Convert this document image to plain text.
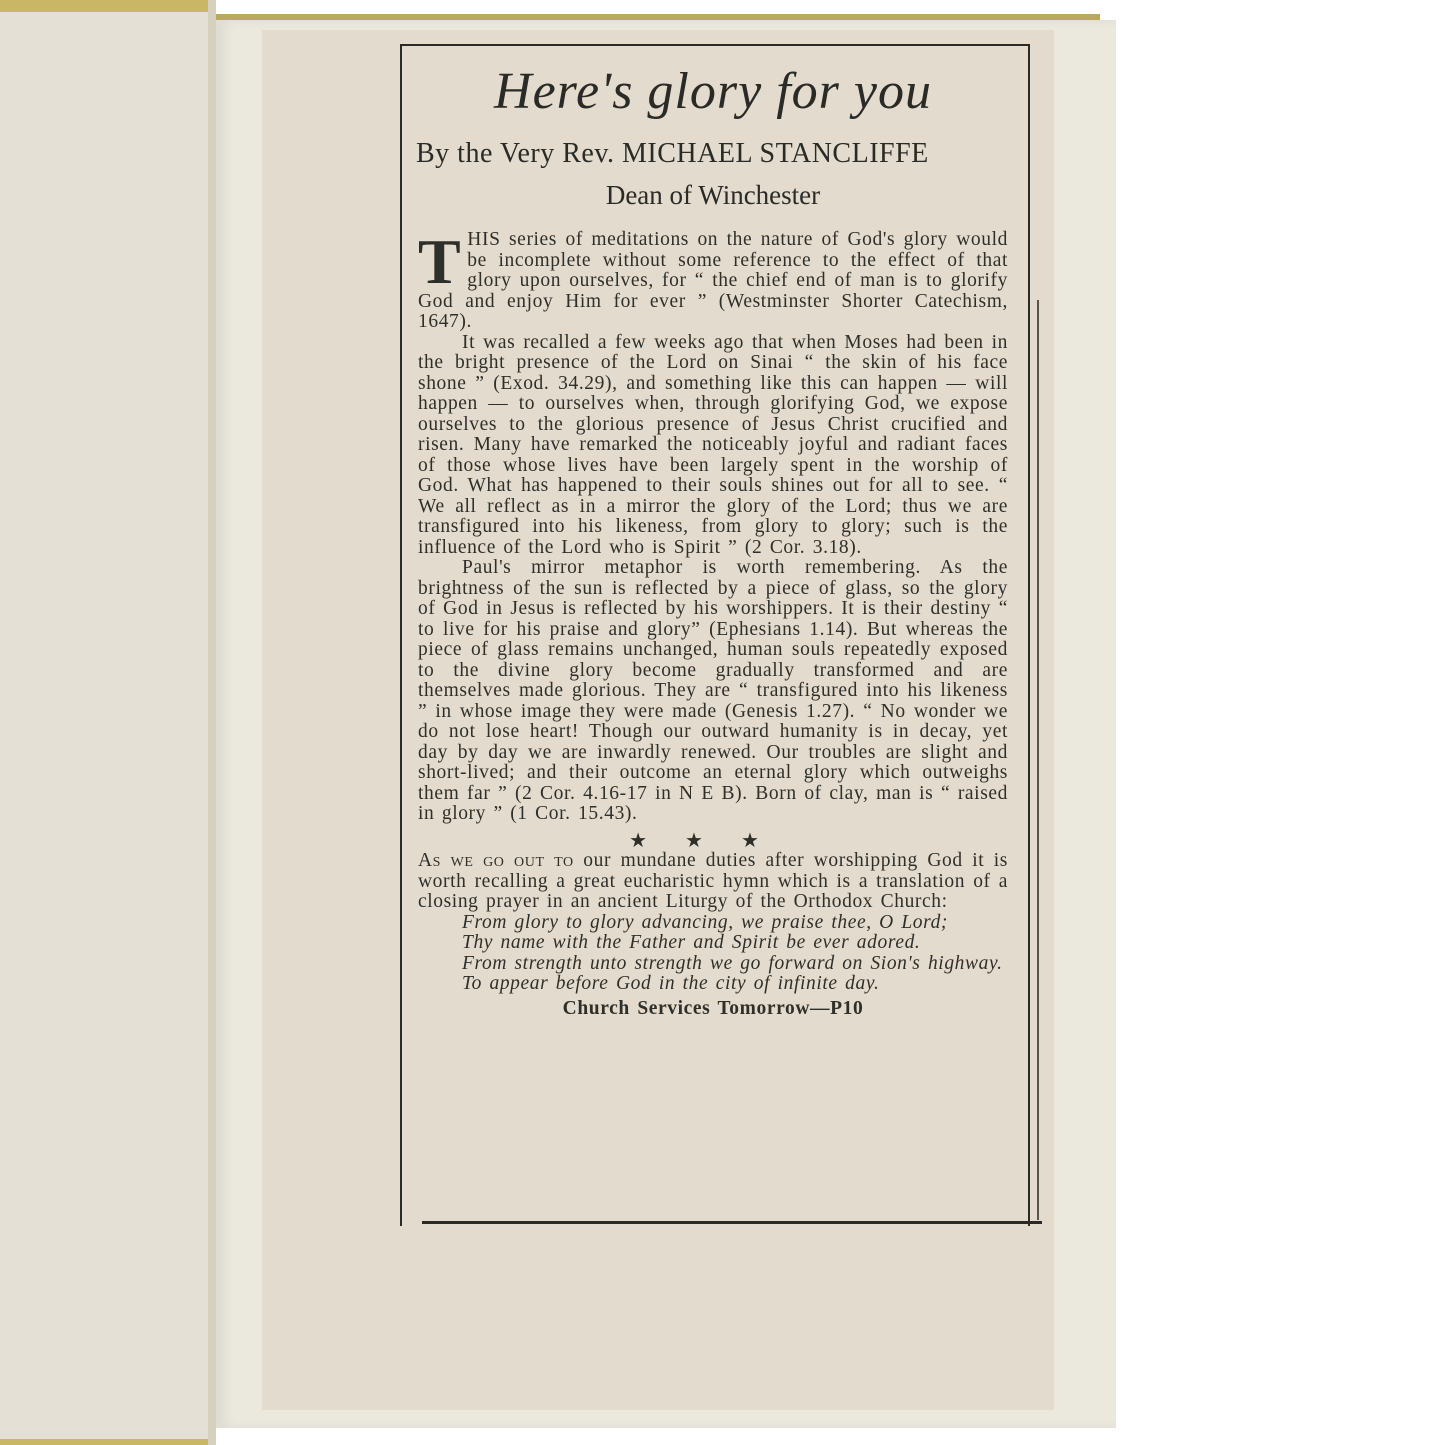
Here's glory for you
By the Very Rev. MICHAEL STANCLIFFE
Dean of Winchester

THIS series of meditations on the nature of God's glory would be incomplete without some reference to the effect of that glory upon ourselves, for “ the chief end of man is to glorify God and enjoy Him for ever ” (Westminster Shorter Catechism, 1647).

It was recalled a few weeks ago that when Moses had been in the bright presence of the Lord on Sinai “ the skin of his face shone ” (Exod. 34.29), and something like this can happen — will happen — to ourselves when, through glorifying God, we expose ourselves to the glorious presence of Jesus Christ crucified and risen. Many have remarked the noticeably joyful and radiant faces of those whose lives have been largely spent in the worship of God. What has happened to their souls shines out for all to see. “ We all reflect as in a mirror the glory of the Lord; thus we are transfigured into his likeness, from glory to glory; such is the influence of the Lord who is Spirit ” (2 Cor. 3.18).

Paul's mirror metaphor is worth remembering. As the brightness of the sun is reflected by a piece of glass, so the glory of God in Jesus is reflected by his worshippers. It is their destiny “ to live for his praise and glory” (Ephesians 1.14). But whereas the piece of glass remains unchanged, human souls repeatedly exposed to the divine glory become gradually transformed and are themselves made glorious. They are “ transfigured into his likeness ” in whose image they were made (Genesis 1.27). “ No wonder we do not lose heart! Though our outward humanity is in decay, yet day by day we are inwardly renewed. Our troubles are slight and short-lived; and their outcome an eternal glory which outweighs them far ” (2 Cor. 4.16-17 in N E B). Born of clay, man is “ raised in glory ” (1 Cor. 15.43).

★★★

As we go out to our mundane duties after worshipping God it is worth recalling a great eucharistic hymn which is a translation of a closing prayer in an ancient Liturgy of the Orthodox Church:

From glory to glory advancing, we praise thee, O Lord;
Thy name with the Father and Spirit be ever adored.
From strength unto strength we go forward on Sion's highway.
To appear before God in the city of infinite day.
Church Services Tomorrow—P10
